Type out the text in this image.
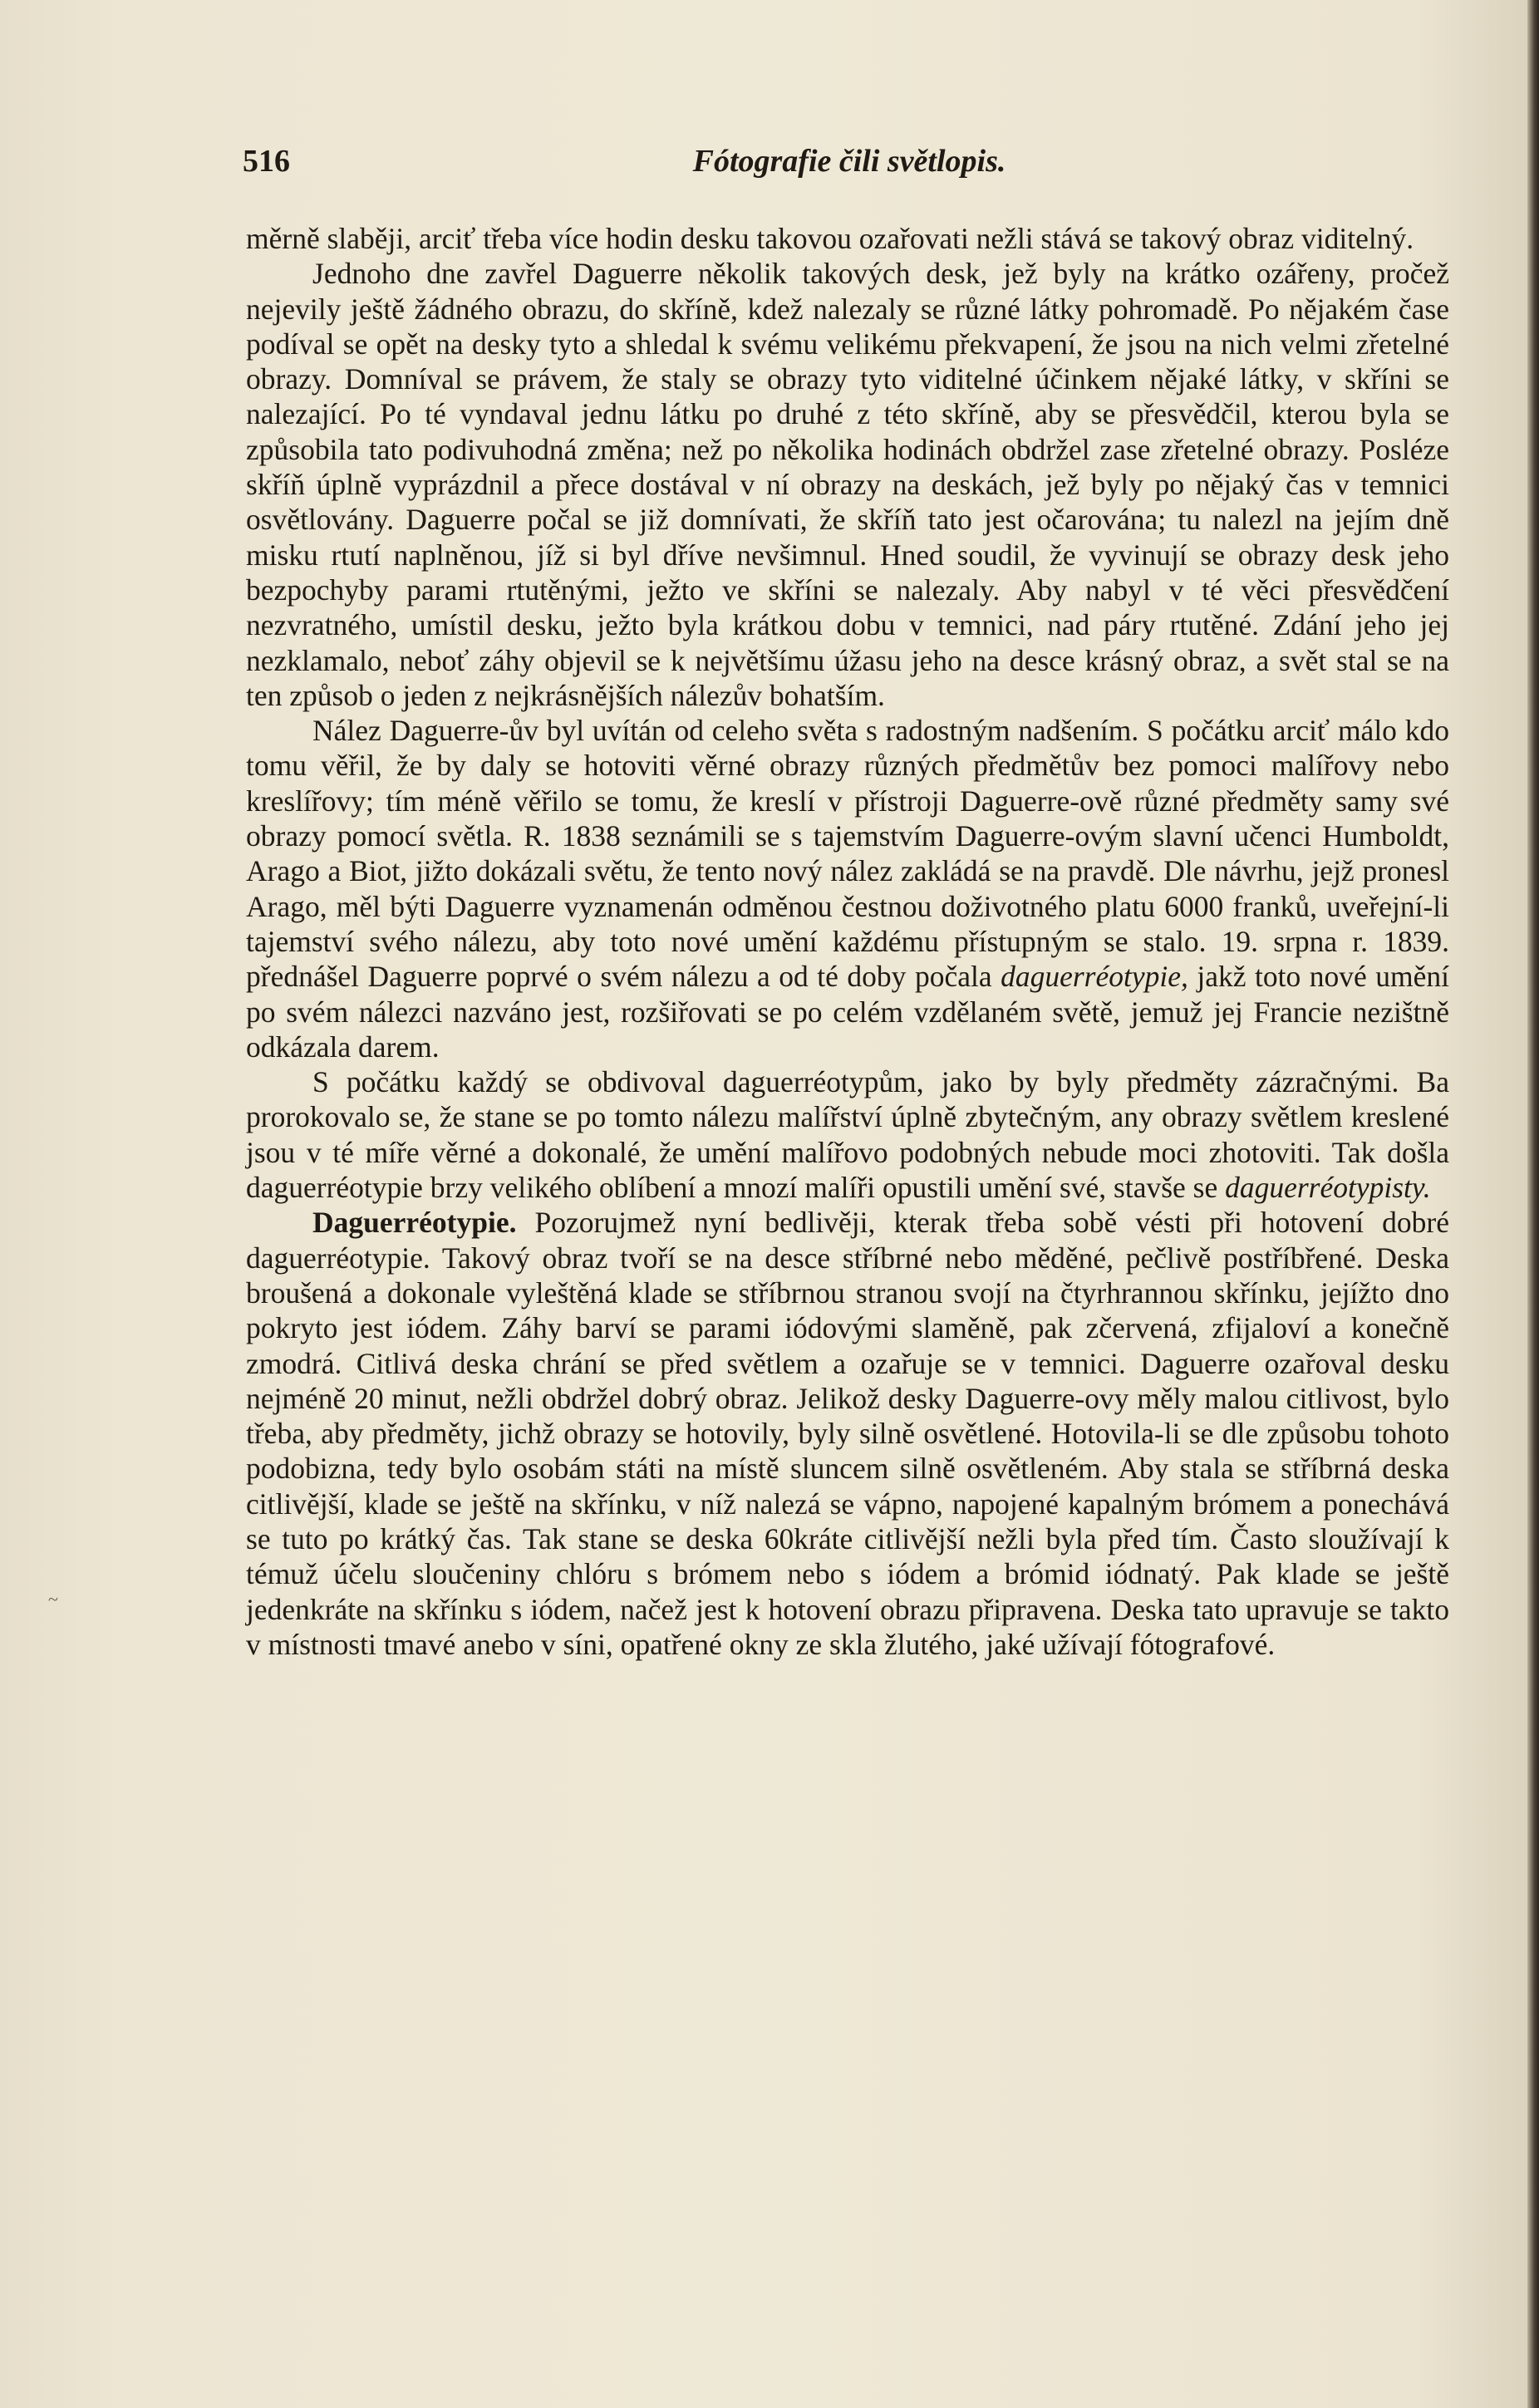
516	Fótografie čili světlopis.
~

měrně slaběji, arciť třeba více hodin desku takovou ozařovati nežli stává se takový obraz viditelný.

Jednoho dne zavřel Daguerre několik takových desk, jež byly na krátko ozářeny, pročež nejevily ještě žádného obrazu, do skříně, kdež nalezaly se různé látky pohromadě. Po nějakém čase podíval se opět na desky tyto a shledal k svému velikému překvapení, že jsou na nich velmi zřetelné obrazy. Domníval se právem, že staly se obrazy tyto viditelné účinkem nějaké látky, v skříni se nalezající. Po té vyndaval jednu látku po druhé z této skříně, aby se přesvědčil, kterou byla se způsobila tato podivuhodná změna; než po několika hodinách obdržel zase zřetelné obrazy. Posléze skříň úplně vyprázdnil a přece dostával v ní obrazy na deskách, jež byly po nějaký čas v temnici osvětlovány. Daguerre počal se již domnívati, že skříň tato jest očarována; tu nalezl na jejím dně misku rtutí naplněnou, jíž si byl dříve nevšimnul. Hned soudil, že vyvinují se obrazy desk jeho bezpochyby parami rtutěnými, ježto ve skříni se nalezaly. Aby nabyl v té věci přesvědčení nezvratného, umístil desku, ježto byla krátkou dobu v temnici, nad páry rtutěné. Zdání jeho jej nezklamalo, neboť záhy objevil se k největšímu úžasu jeho na desce krásný obraz, a svět stal se na ten způsob o jeden z nejkrásnějších nálezův bohatším.

Nález Daguerre-ův byl uvítán od celeho světa s radostným nadšením. S počátku arciť málo kdo tomu věřil, že by daly se hotoviti věrné obrazy různých předmětův bez pomoci malířovy nebo kreslířovy; tím méně věřilo se tomu, že kreslí v přístroji Daguerre-ově různé předměty samy své obrazy pomocí světla. R. 1838 seznámili se s tajemstvím Daguerre-ovým slavní učenci Humboldt, Arago a Biot, jižto dokázali světu, že tento nový nález zakládá se na pravdě. Dle návrhu, jejž pronesl Arago, měl býti Daguerre vyznamenán odměnou čestnou doživotného platu 6000 franků, uveřejní-li tajemství svého nálezu, aby toto nové umění každému přístupným se stalo. 19. srpna r. 1839. přednášel Daguerre poprvé o svém nálezu a od té doby počala daguerréotypie, jakž toto nové umění po svém nálezci nazváno jest, rozšiřovati se po celém vzdělaném světě, jemuž jej Francie nezištně odkázala darem.

S počátku každý se obdivoval daguerréotypům, jako by byly předměty zázračnými. Ba prorokovalo se, že stane se po tomto nálezu malířství úplně zbytečným, any obrazy světlem kreslené jsou v té míře věrné a dokonalé, že umění malířovo podobných nebude moci zhotoviti. Tak došla daguerréotypie brzy velikého oblíbení a mnozí malíři opustili umění své, stavše se daguerréotypisty.

Daguerréotypie. Pozorujmež nyní bedlivěji, kterak třeba sobě vésti při hotovení dobré daguerréotypie. Takový obraz tvoří se na desce stříbrné nebo měděné, pečlivě postříbřené. Deska broušená a dokonale vyleštěná klade se stříbrnou stranou svojí na čtyrhrannou skřínku, jejížto dno pokryto jest iódem. Záhy barví se parami iódovými slaměně, pak zčervená, zfijaloví a konečně zmodrá. Citlivá deska chrání se před světlem a ozařuje se v temnici. Daguerre ozařoval desku nejméně 20 minut, nežli obdržel dobrý obraz. Jelikož desky Daguerre-ovy měly malou citlivost, bylo třeba, aby předměty, jichž obrazy se hotovily, byly silně osvětlené. Hotovila-li se dle způsobu tohoto podobizna, tedy bylo osobám státi na místě sluncem silně osvětleném. Aby stala se stříbrná deska citlivější, klade se ještě na skřínku, v níž nalezá se vápno, napojené kapalným brómem a ponechává se tuto po krátký čas. Tak stane se deska 60kráte citlivější nežli byla před tím. Často sloužívají k témuž účelu sloučeniny chlóru s brómem nebo s iódem a brómid iódnatý. Pak klade se ještě jedenkráte na skřínku s iódem, načež jest k hotovení obrazu připravena. Deska tato upravuje se takto v místnosti tmavé anebo v síni, opatřené okny ze skla žlutého, jaké užívají fótografové.
